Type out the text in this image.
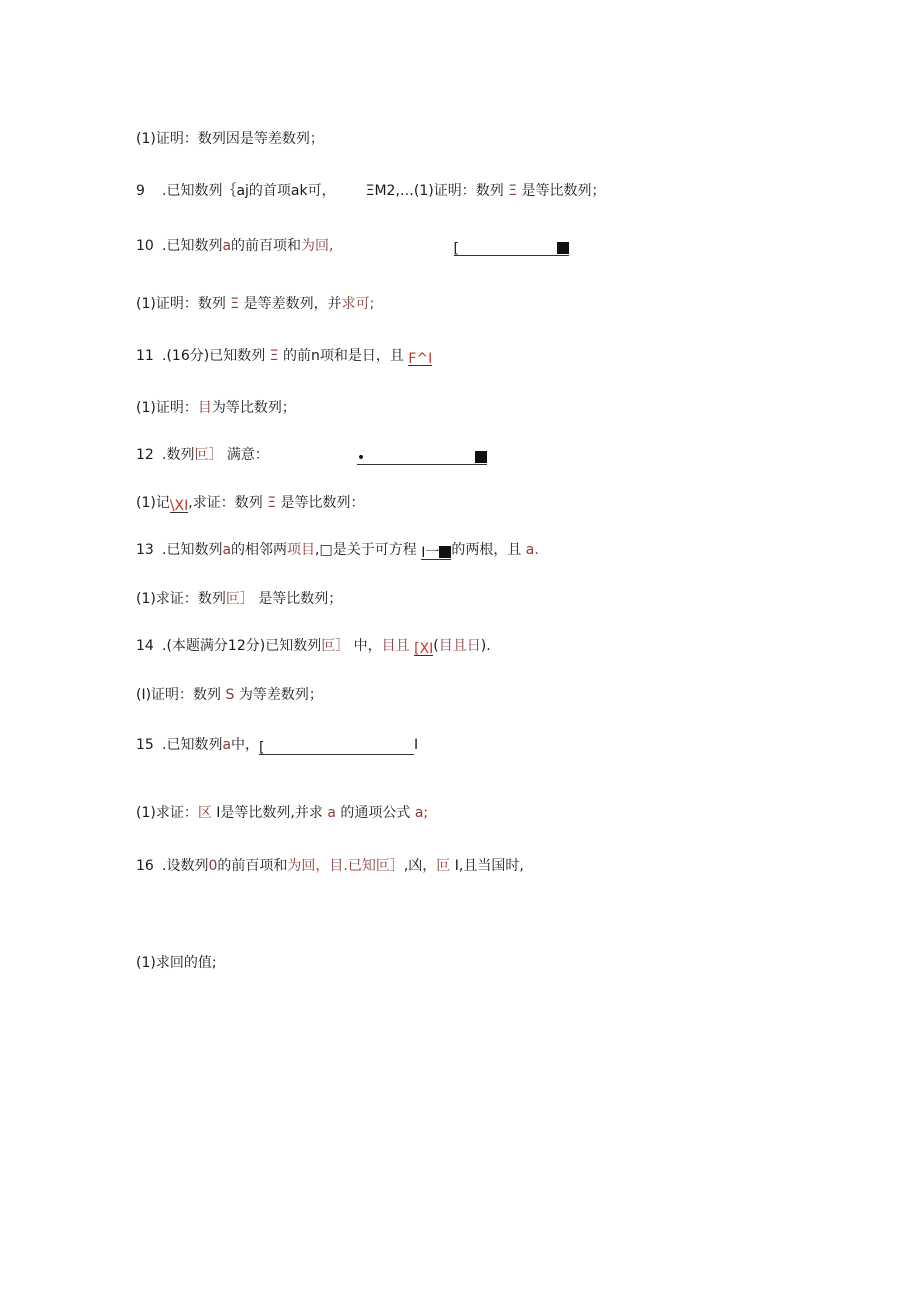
(1)证明：数列因是等差数列；
9 .已知数列｛aj的首项ak可， ΞM2,…(1)证明：数列 Ξ 是等比数列；
10 .已知数列a的前百项和为回,	[
(1)证明：数列 Ξ 是等差数列，并求可;
11 .(16分)已知数列 Ξ 的前n项和是日，且 F^I
(1)证明：目为等比数列；
12 .数列叵］ 满意：	•
(1)记\XI,求证：数列 Ξ 是等比数列：
13 .已知数列a的相邻两项目,□是关于可方程 I一 的两根，且 a.
(1)求证：数列叵］ 是等比数列；
14 .(本题满分12分)已知数列叵］ 中，目且 [XI(目且日).
(I)证明：数列 S 为等差数列；
15 .已知数列a中，[	I
(1)求证：区 I是等比数列,并求 a 的通项公式 a;
16 .设数列0的前百项和为回，目.已知叵］,凶，叵 I,且当国时,
(1)求回的值;
